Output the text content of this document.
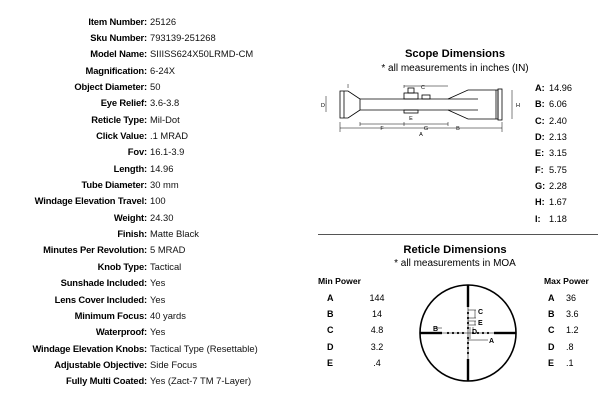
Item Number: 25126
Sku Number: 793139-251268
Model Name: SIIISS624X50LRMD-CM
Magnification: 6-24X
Object Diameter: 50
Eye Relief: 3.6-3.8
Reticle Type: Mil-Dot
Click Value: .1 MRAD
Fov: 16.1-3.9
Length: 14.96
Tube Diameter: 30 mm
Windage Elevation Travel: 100
Weight: 24.30
Finish: Matte Black
Minutes Per Revolution: 5 MRAD
Knob Type: Tactical
Sunshade Included: Yes
Lens Cover Included: Yes
Minimum Focus: 40 yards
Waterproof: Yes
Windage Elevation Knobs: Tactical Type (Resettable)
Adjustable Objective: Side Focus
Fully Multi Coated: Yes (Zact-7 TM 7-Layer)
Scope Dimensions
* all measurements in inches (IN)
A
F	G	B
C
D	H
E
I	A: 14.96
B: 6.06
C: 2.40
D: 2.13
E: 3.15
F: 5.75
G: 2.28
H: 1.67
I: 1.18
Reticle Dimensions
* all measurements in MOA
Min Power
A	144
B	14
C	4.8
D	3.2
E	.4
Max Power
A	36
B	3.6
C	1.2
D	.8
E	.1
C
E
D
B
A
